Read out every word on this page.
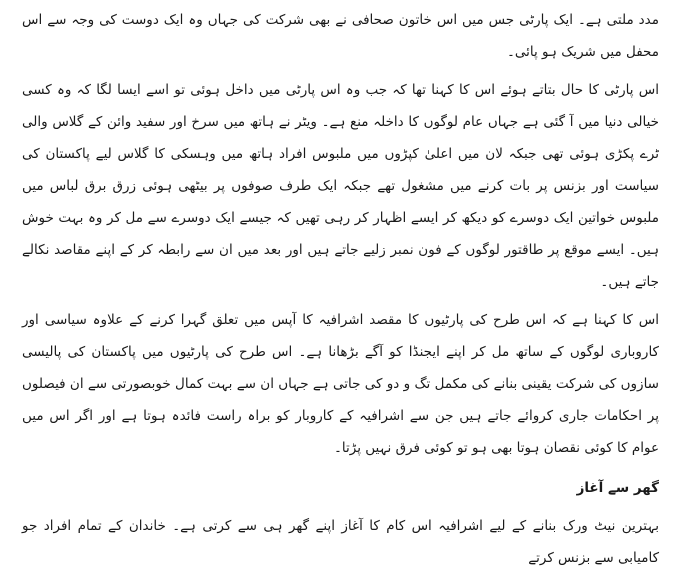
مدد ملتی ہے۔ ایک پارٹی جس میں اس خاتون صحافی نے بھی شرکت کی جہاں وہ ایک دوست کی وجہ سے اس محفل میں شریک ہو پائی۔

اس پارٹی کا حال بتاتے ہوئے اس کا کہنا تھا کہ جب وہ اس پارٹی میں داخل ہوئی تو اسے ایسا لگا کہ وہ کسی خیالی دنیا میں آ گئی ہے جہاں عام لوگوں کا داخلہ منع ہے۔ ویٹر نے ہاتھ میں سرخ اور سفید وائن کے گلاس والی ٹرے پکڑی ہوئی تھی جبکہ لان میں اعلیٰ کپڑوں میں ملبوس افراد ہاتھ میں وہسکی کا گلاس لیے پاکستان کی سیاست اور بزنس پر بات کرنے میں مشغول تھے جبکہ ایک طرف صوفوں پر بیٹھی ہوئی زرق برق لباس میں ملبوس خواتین ایک دوسرے کو دیکھ کر ایسے اظہار کر رہی تھیں کہ جیسے ایک دوسرے سے مل کر وہ بہت خوش ہیں۔ ایسے موقع پر طاقتور لوگوں کے فون نمبر زلیے جاتے ہیں اور بعد میں ان سے رابطہ کر کے اپنے مقاصد نکالے جاتے ہیں۔

اس کا کہنا ہے کہ اس طرح کی پارٹیوں کا مقصد اشرافیہ کا آپس میں تعلق گہرا کرنے کے علاوہ سیاسی اور کاروباری لوگوں کے ساتھ مل کر اپنے ایجنڈا کو آگے بڑھانا ہے۔ اس طرح کی پارٹیوں میں پاکستان کی پالیسی سازوں کی شرکت یقینی بنانے کی مکمل تگ و دو کی جاتی ہے جہاں ان سے بہت کمال خوبصورتی سے ان فیصلوں پر احکامات جاری کروائے جاتے ہیں جن سے اشرافیہ کے کاروبار کو براہ راست فائدہ ہوتا ہے اور اگر اس میں عوام کا کوئی نقصان ہوتا بھی ہو تو کوئی فرق نہیں پڑتا۔

گھر سے آغاز

بہترین نیٹ ورک بنانے کے لیے اشرافیہ اس کام کا آغاز اپنے گھر ہی سے کرتی ہے۔ خاندان کے تمام افراد جو کامیابی سے بزنس کرتے
